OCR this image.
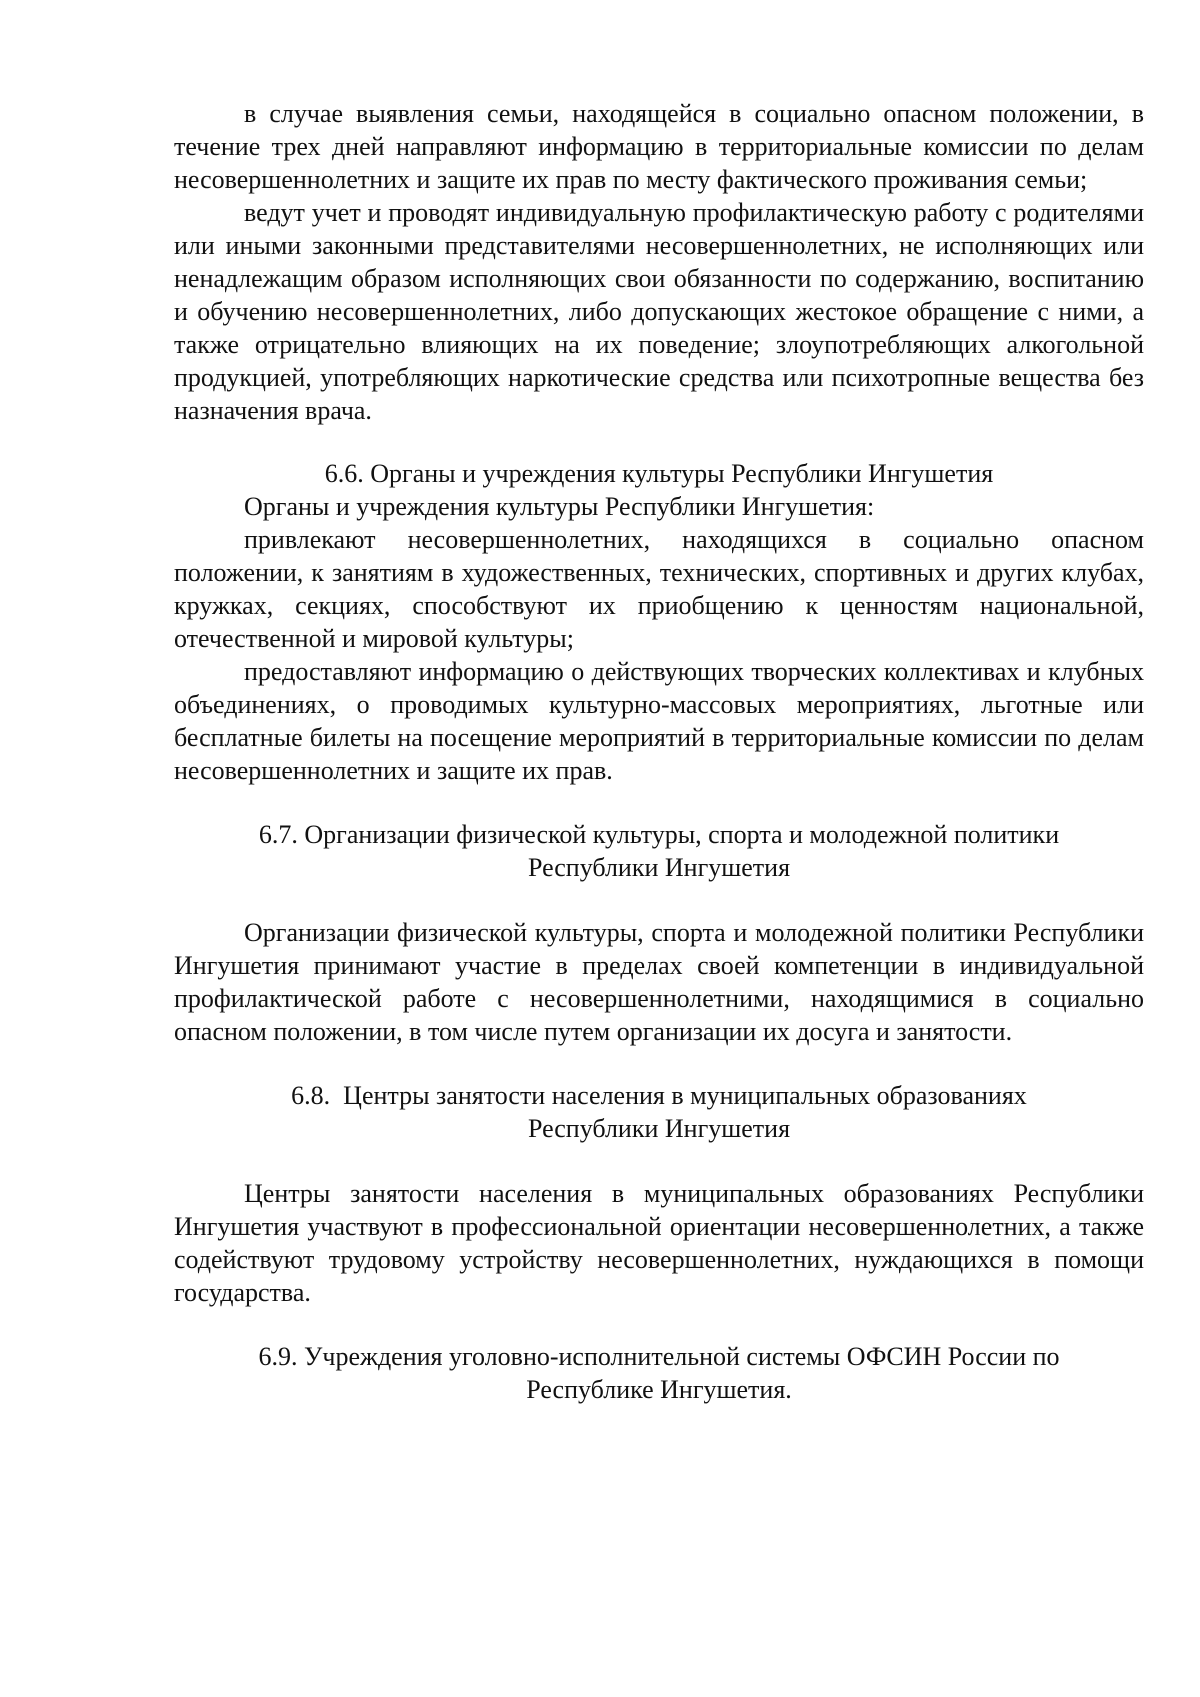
в случае выявления семьи, находящейся в социально опасном положении, в течение трех дней направляют информацию в территориальные комиссии по делам несовершеннолетних и защите их прав по месту фактического проживания семьи;

ведут учет и проводят индивидуальную профилактическую работу с родителями или иными законными представителями несовершеннолетних, не исполняющих или ненадлежащим образом исполняющих свои обязанности по содержанию, воспитанию и обучению несовершеннолетних, либо допускающих жестокое обращение с ними, а также отрицательно влияющих на их поведение; злоупотребляющих алкогольной продукцией, употребляющих наркотические средства или психотропные вещества без назначения врача.

6.6. Органы и учреждения культуры Республики Ингушетия

Органы и учреждения культуры Республики Ингушетия:

привлекают несовершеннолетних, находящихся в социально опасном положении, к занятиям в художественных, технических, спортивных и других клубах, кружках, секциях, способствуют их приобщению к ценностям национальной, отечественной и мировой культуры;

предоставляют информацию о действующих творческих коллективах и клубных объединениях, о проводимых культурно-массовых мероприятиях, льготные или бесплатные билеты на посещение мероприятий в территориальные комиссии по делам несовершеннолетних и защите их прав.

6.7. Организации физической культуры, спорта и молодежной политики
Республики Ингушетия

Организации физической культуры, спорта и молодежной политики Республики Ингушетия принимают участие в пределах своей компетенции в индивидуальной профилактической работе с несовершеннолетними, находящимися в социально опасном положении, в том числе путем организации их досуга и занятости.

6.8.  Центры занятости населения в муниципальных образованиях
Республики Ингушетия

Центры занятости населения в муниципальных образованиях Республики Ингушетия участвуют в профессиональной ориентации несовершеннолетних, а также содействуют трудовому устройству несовершеннолетних, нуждающихся в помощи государства.

6.9. Учреждения уголовно-исполнительной системы ОФСИН России по
Республике Ингушетия.
